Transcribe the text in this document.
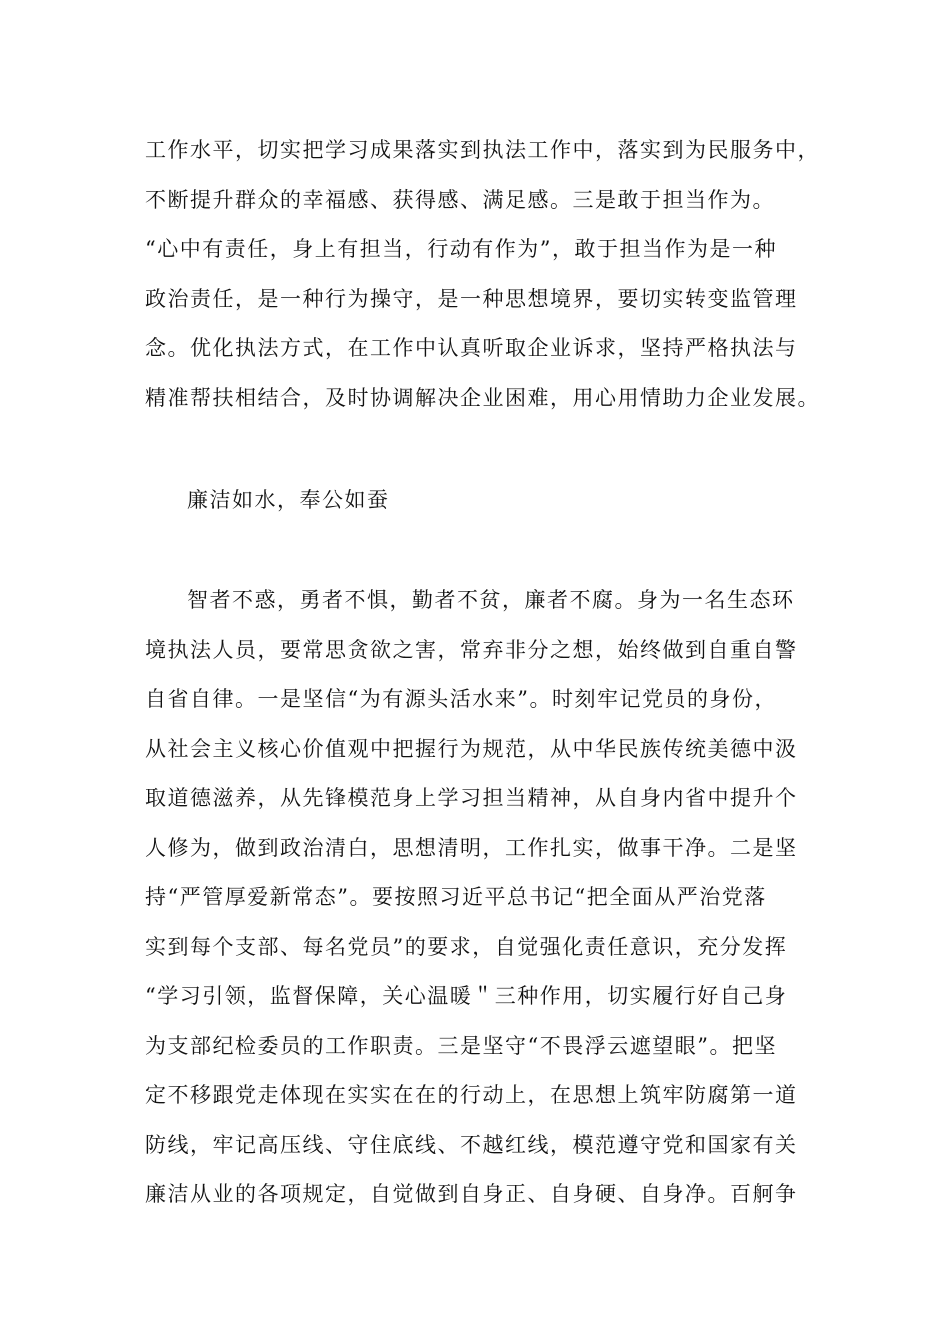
工作水平，切实把学习成果落实到执法工作中，落实到为民服务中，
不断提升群众的幸福感、获得感、满足感。三是敢于担当作为。
“心中有责任，身上有担当，行动有作为”，敢于担当作为是一种
政治责任，是一种行为操守，是一种思想境界，要切实转变监管理
念。优化执法方式，在工作中认真听取企业诉求，坚持严格执法与
精准帮扶相结合，及时协调解决企业困难，用心用情助力企业发展。
廉洁如水，奉公如蚕
智者不惑，勇者不惧，勤者不贫，廉者不腐。身为一名生态环
境执法人员，要常思贪欲之害，常弃非分之想，始终做到自重自警
自省自律。一是坚信“为有源头活水来”。时刻牢记党员的身份，
从社会主义核心价值观中把握行为规范，从中华民族传统美德中汲
取道德滋养，从先锋模范身上学习担当精神，从自身内省中提升个
人修为，做到政治清白，思想清明，工作扎实，做事干净。二是坚
持“严管厚爱新常态”。要按照习近平总书记“把全面从严治党落
实到每个支部、每名党员”的要求，自觉强化责任意识，充分发挥
“学习引领，监督保障，关心温暖＂三种作用，切实履行好自己身
为支部纪检委员的工作职责。三是坚守“不畏浮云遮望眼”。把坚
定不移跟党走体现在实实在在的行动上，在思想上筑牢防腐第一道
防线，牢记高压线、守住底线、不越红线，模范遵守党和国家有关
廉洁从业的各项规定，自觉做到自身正、自身硬、自身净。百舸争
